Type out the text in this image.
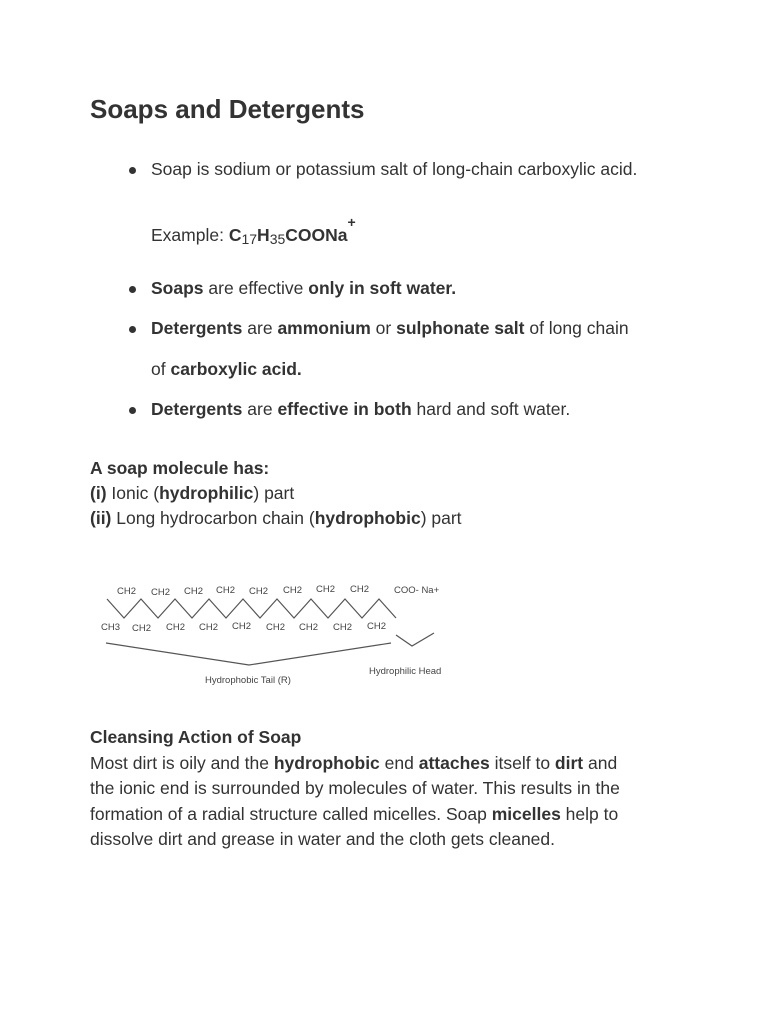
Soaps and Detergents
Soap is sodium or potassium salt of long-chain carboxylic acid.
Example: $C_{17}H_{35}COONa^+$
Soaps are effective only in soft water.
Detergents are ammonium or sulphonate salt of long chain
of carboxylic acid.
Detergents are effective in both hard and soft water.
A soap molecule has:
(i) Ionic (hydrophilic) part
(ii) Long hydrocarbon chain (hydrophobic) part
CH2 CH2 CH2 CH2 CH2 CH2 CH2 CH2	COO- Na+
CH3 CH2 CH2 CH2 CH2 CH2 CH2 CH2 CH2
Hydrophobic Tail (R)
Hydrophilic Head
Cleansing Action of Soap
Most dirt is oily and the hydrophobic end attaches itself to dirt and
the ionic end is surrounded by molecules of water. This results in the
formation of a radial structure called micelles. Soap micelles help to
dissolve dirt and grease in water and the cloth gets cleaned.
